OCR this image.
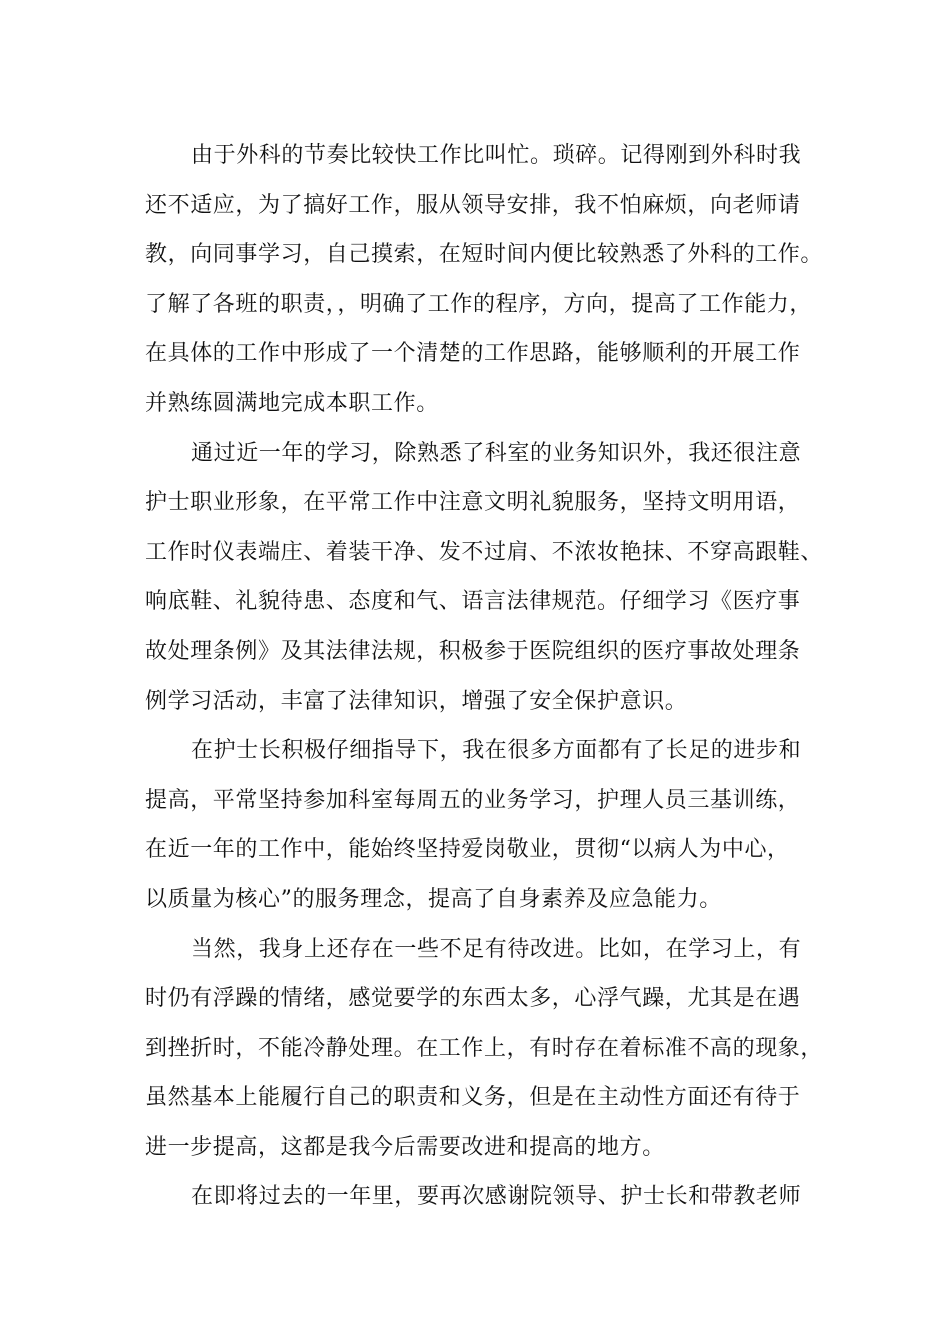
由于外科的节奏比较快工作比叫忙。琐碎。记得刚到外科时我
还不适应，为了搞好工作，服从领导安排，我不怕麻烦，向老师请
教，向同事学习，自己摸索，在短时间内便比较熟悉了外科的工作。
了解了各班的职责，，明确了工作的程序，方向，提高了工作能力，
在具体的工作中形成了一个清楚的工作思路，能够顺利的开展工作
并熟练圆满地完成本职工作。
通过近一年的学习，除熟悉了科室的业务知识外，我还很注意
护士职业形象，在平常工作中注意文明礼貌服务，坚持文明用语，
工作时仪表端庄、着装干净、发不过肩、不浓妆艳抹、不穿高跟鞋、
响底鞋、礼貌待患、态度和气、语言法律规范。仔细学习《医疗事
故处理条例》及其法律法规，积极参于医院组织的医疗事故处理条
例学习活动，丰富了法律知识，增强了安全保护意识。
在护士长积极仔细指导下，我在很多方面都有了长足的进步和
提高，平常坚持参加科室每周五的业务学习，护理人员三基训练，
在近一年的工作中，能始终坚持爱岗敬业，贯彻“以病人为中心，
以质量为核心”的服务理念，提高了自身素养及应急能力。
当然，我身上还存在一些不足有待改进。比如，在学习上，有
时仍有浮躁的情绪，感觉要学的东西太多，心浮气躁，尤其是在遇
到挫折时，不能冷静处理。在工作上，有时存在着标准不高的现象，
虽然基本上能履行自己的职责和义务，但是在主动性方面还有待于
进一步提高，这都是我今后需要改进和提高的地方。
在即将过去的一年里，要再次感谢院领导、护士长和带教老师
